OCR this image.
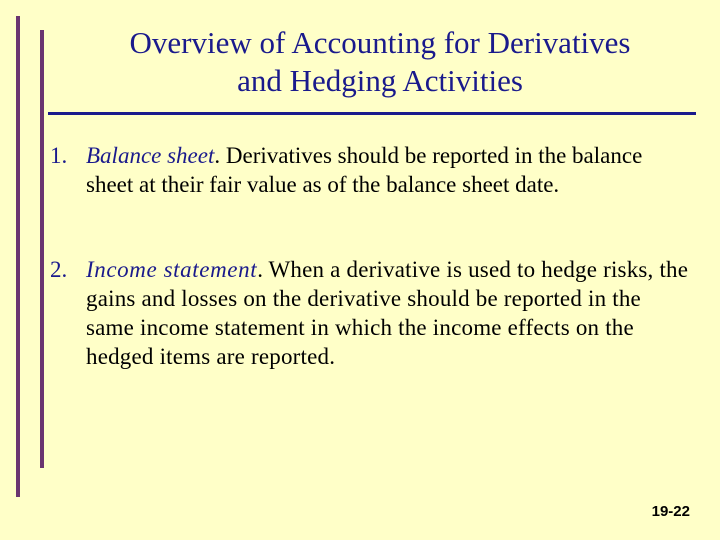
Overview of Accounting for Derivatives
and Hedging Activities
1. Balance sheet. Derivatives should be reported in the balance sheet at their fair value as of the balance sheet date.
2. Income statement. When a derivative is used to hedge risks, the gains and losses on the derivative should be reported in the same income statement in which the income effects on the hedged items are reported.
19-22
